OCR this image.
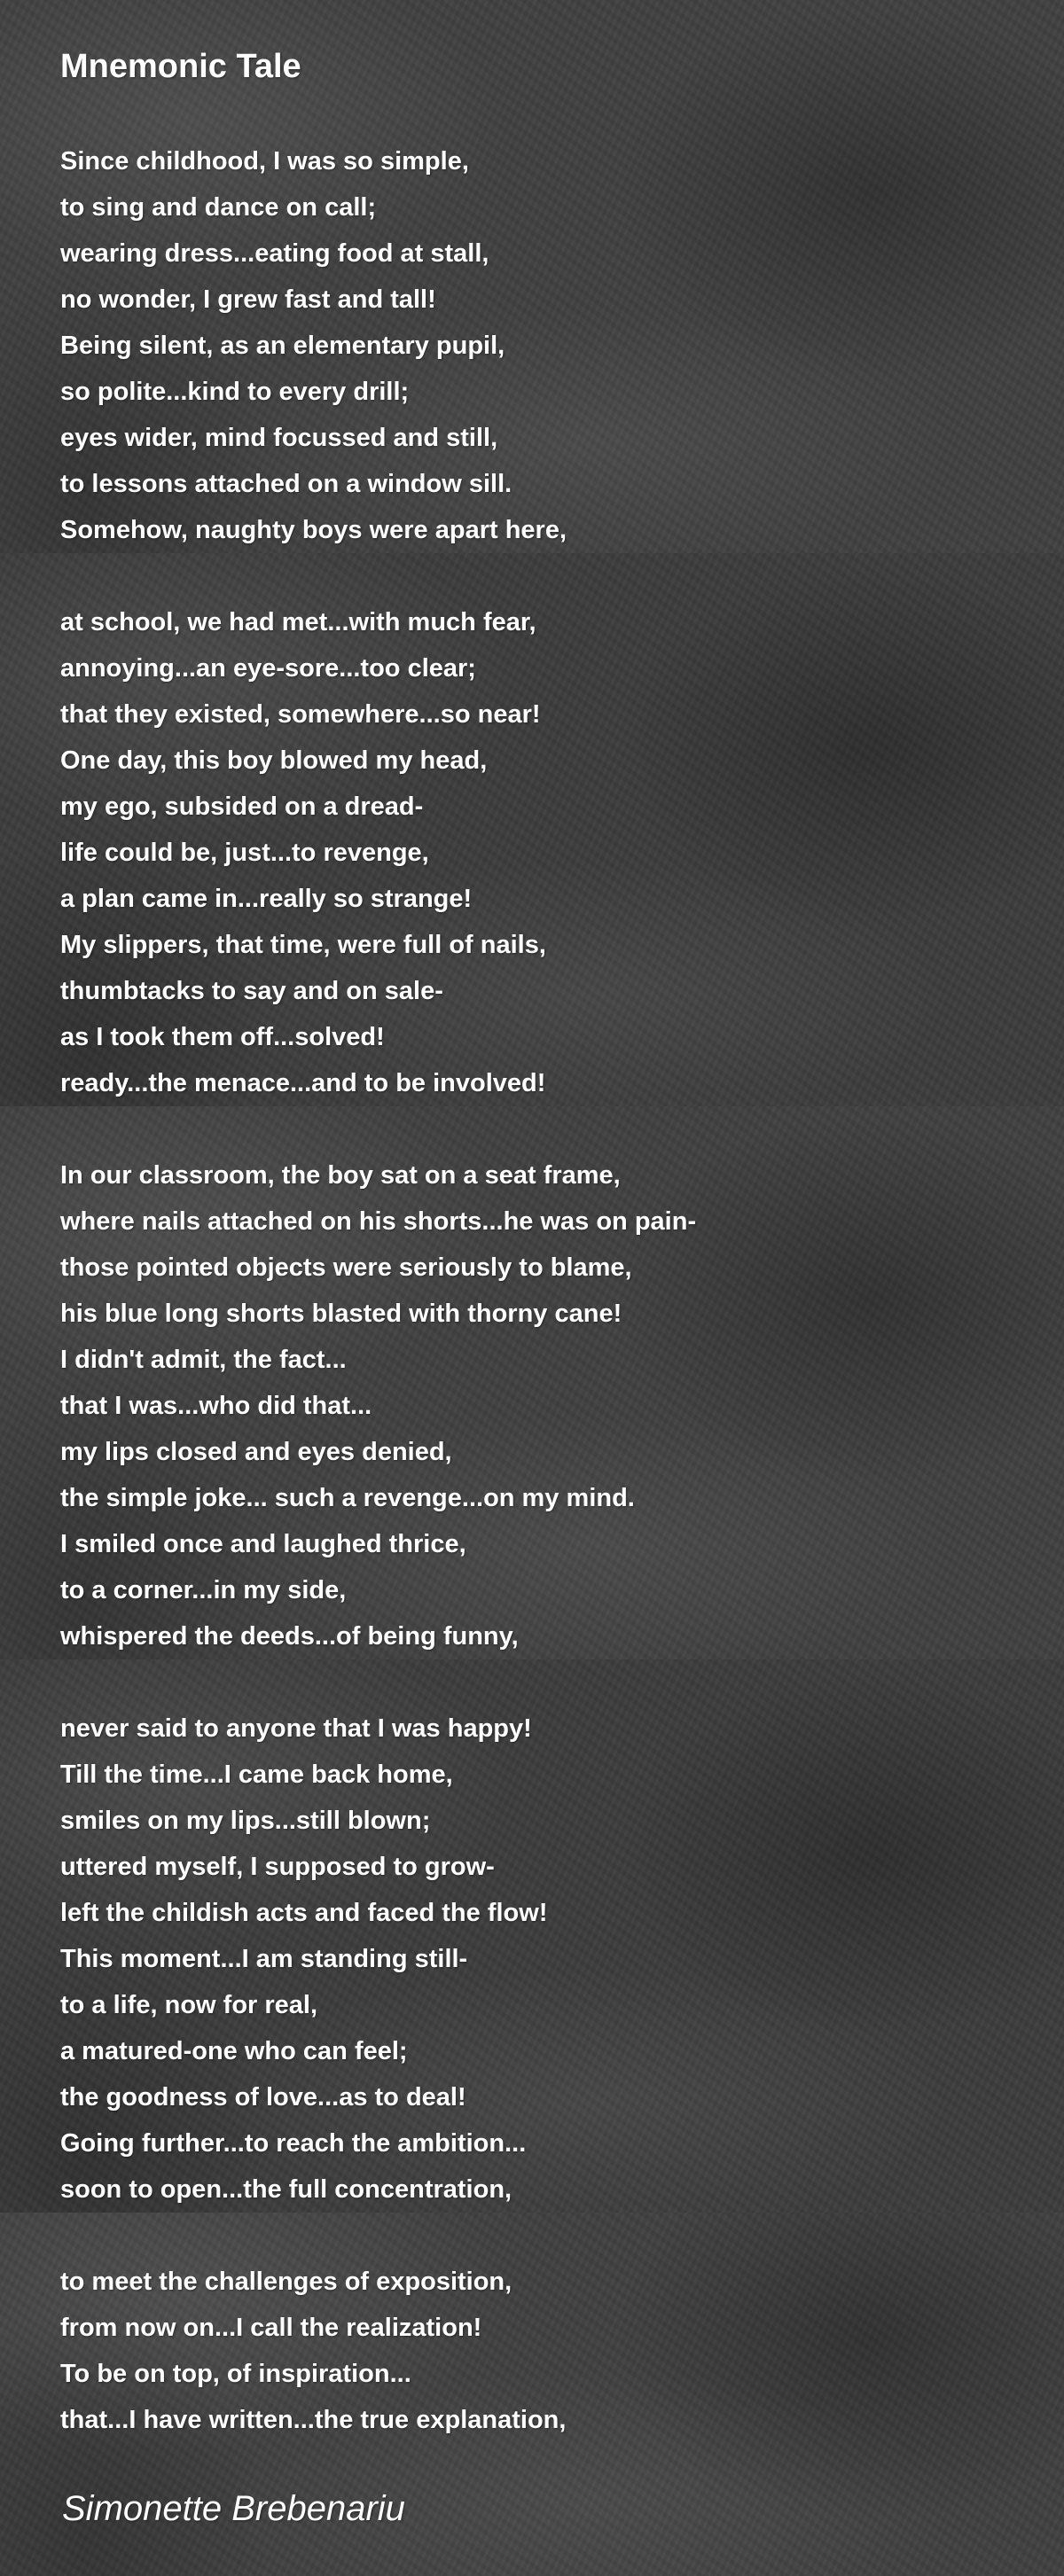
Mnemonic Tale
Since childhood, I was so simple,
to sing and dance on call;
wearing dress...eating food at stall,
no wonder, I grew fast and tall!
Being silent, as an elementary pupil,
so polite...kind to every drill;
eyes wider, mind focussed and still,
to lessons attached on a window sill.
Somehow, naughty boys were apart here,
at school, we had met...with much fear,
annoying...an eye-sore...too clear;
that they existed, somewhere...so near!
One day, this boy blowed my head,
my ego, subsided on a dread-
life could be, just...to revenge,
a plan came in...really so strange!
My slippers, that time, were full of nails,
thumbtacks to say and on sale-
as I took them off...solved!
ready...the menace...and to be involved!
In our classroom, the boy sat on a seat frame,
where nails attached on his shorts...he was on pain-
those pointed objects were seriously to blame,
his blue long shorts blasted with thorny cane!
I didn't admit, the fact...
that I was...who did that...
my lips closed and eyes denied,
the simple joke... such a revenge...on my mind.
I smiled once and laughed thrice,
to a corner...in my side,
whispered the deeds...of being funny,
never said to anyone that I was happy!
Till the time...I came back home,
smiles on my lips...still blown;
uttered myself, I supposed to grow-
left the childish acts and faced the flow!
This moment...I am standing still-
to a life, now for real,
a matured-one who can feel;
the goodness of love...as to deal!
Going further...to reach the ambition...
soon to open...the full concentration,
to meet the challenges of exposition,
from now on...I call the realization!
To be on top, of inspiration...
that...I have written...the true explanation,

Simonette Brebenariu
